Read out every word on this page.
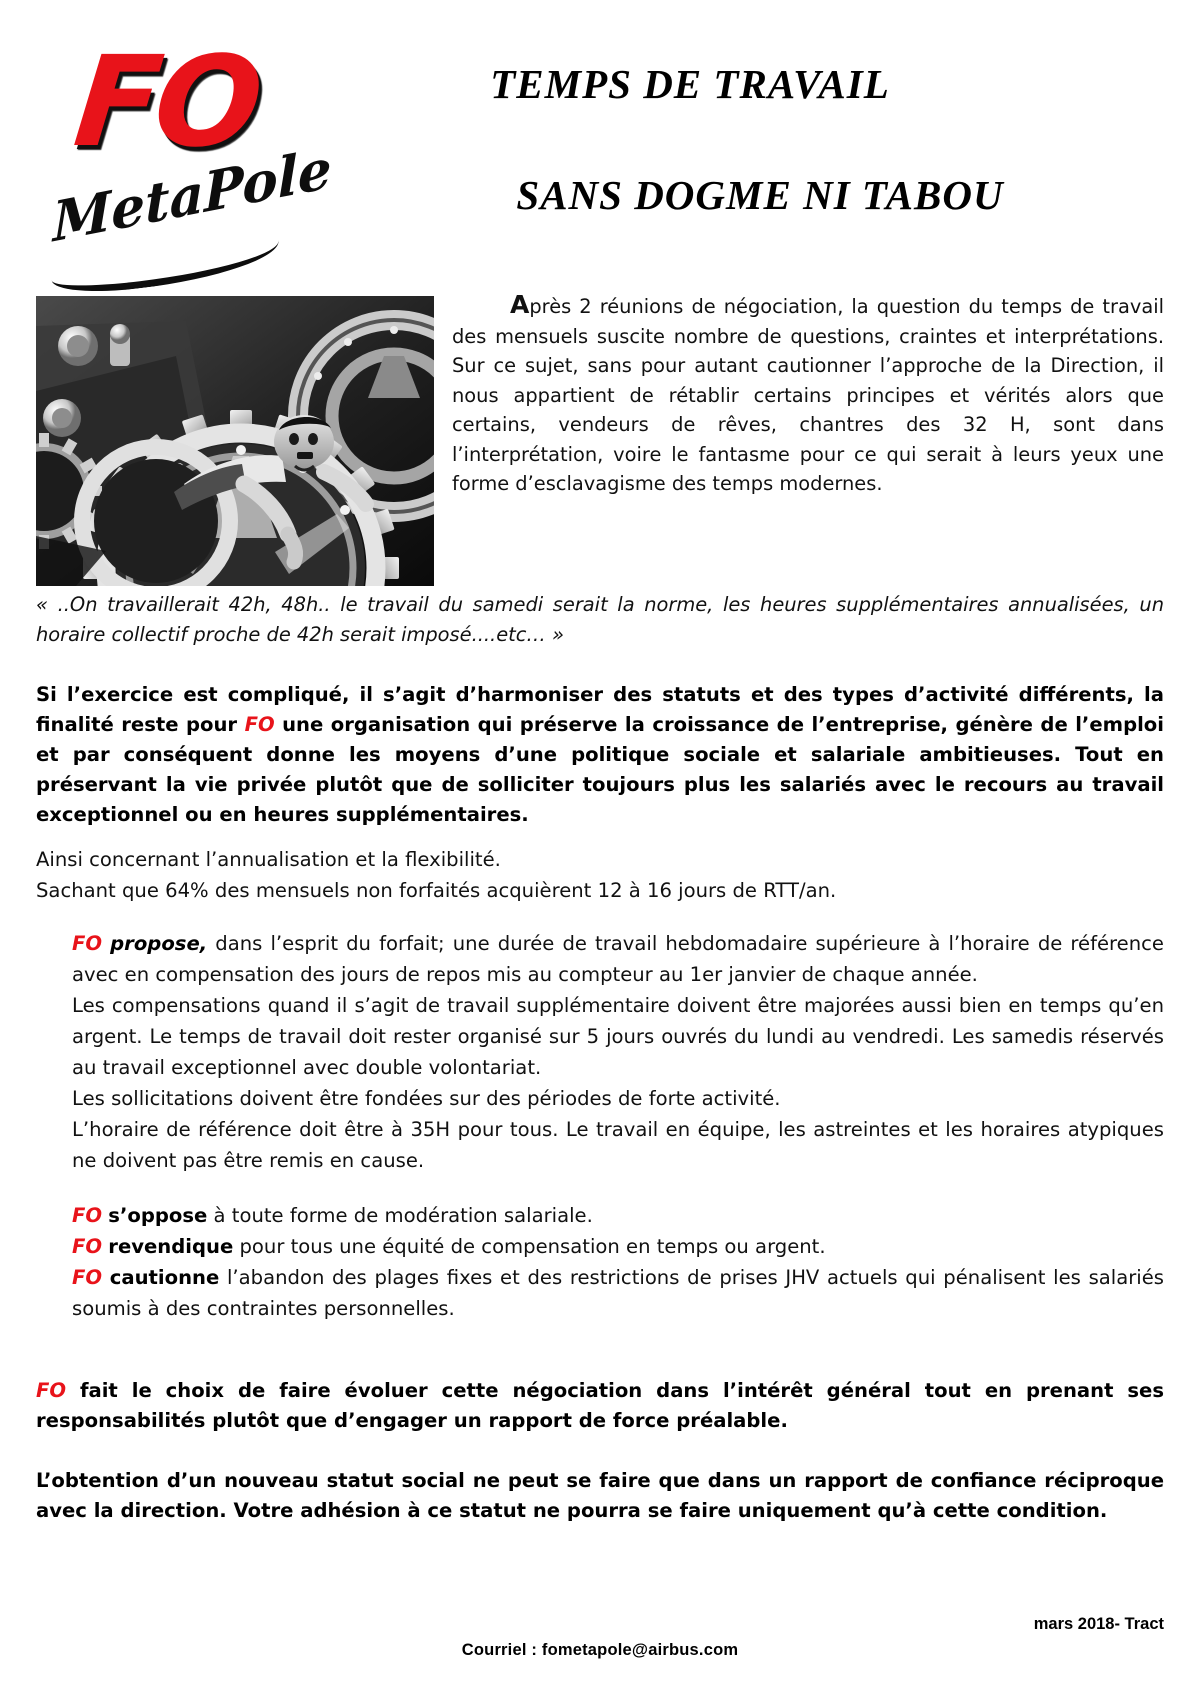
FO
MetaPole
TEMPS DE TRAVAIL
SANS DOGME NI TABOU
Après 2 réunions de négociation, la question du temps de travail des mensuels suscite nombre de questions, craintes et interprétations. Sur ce sujet, sans pour autant cautionner l’approche de la Direction, il nous appartient de rétablir certains principes et vérités alors que certains, vendeurs de rêves, chantres des 32 H, sont dans l’interprétation, voire le fantasme pour ce qui serait à leurs yeux une forme d’esclavagisme des temps modernes.
« ..On travaillerait 42h, 48h.. le travail du samedi serait la norme, les heures supplémentaires annualisées, un horaire collectif proche de 42h serait imposé....etc… »

Si l’exercice est compliqué, il s’agit d’harmoniser des statuts et des types d’activité différents, la finalité reste pour FO une organisation qui préserve la croissance de l’entreprise, génère de l’emploi et par conséquent donne les moyens d’une politique sociale et salariale ambitieuses. Tout en préservant la vie privée plutôt que de solliciter toujours plus les salariés avec le recours au travail exceptionnel ou en heures supplémentaires.

Ainsi concernant l’annualisation et la flexibilité.

Sachant que 64% des mensuels non forfaités acquièrent 12 à 16 jours de RTT/an.

FO propose, dans l’esprit du forfait; une durée de travail hebdomadaire supérieure à l’horaire de référence avec en compensation des jours de repos mis au compteur au 1er janvier de chaque année.

Les compensations quand il s’agit de travail supplémentaire doivent être majorées aussi bien en temps qu’en argent. Le temps de travail doit rester organisé sur 5 jours ouvrés du lundi au vendredi. Les samedis réservés au travail exceptionnel avec double volontariat.

Les sollicitations doivent être fondées sur des périodes de forte activité.

L’horaire de référence doit être à 35H pour tous. Le travail en équipe, les astreintes et les horaires atypiques ne doivent pas être remis en cause.

FO s’oppose à toute forme de modération salariale.

FO revendique pour tous une équité de compensation en temps ou argent.

FO cautionne l’abandon des plages fixes et des restrictions de prises JHV actuels qui pénalisent les salariés soumis à des contraintes personnelles.

FO fait le choix de faire évoluer cette négociation dans l’intérêt général tout en prenant ses responsabilités plutôt que d’engager un rapport de force préalable.

L’obtention d’un nouveau statut social ne peut se faire que dans un rapport de confiance réciproque avec la direction. Votre adhésion à ce statut ne pourra se faire uniquement qu’à cette condition.

mars 2018- Tract
Courriel : fometapole@airbus.com
